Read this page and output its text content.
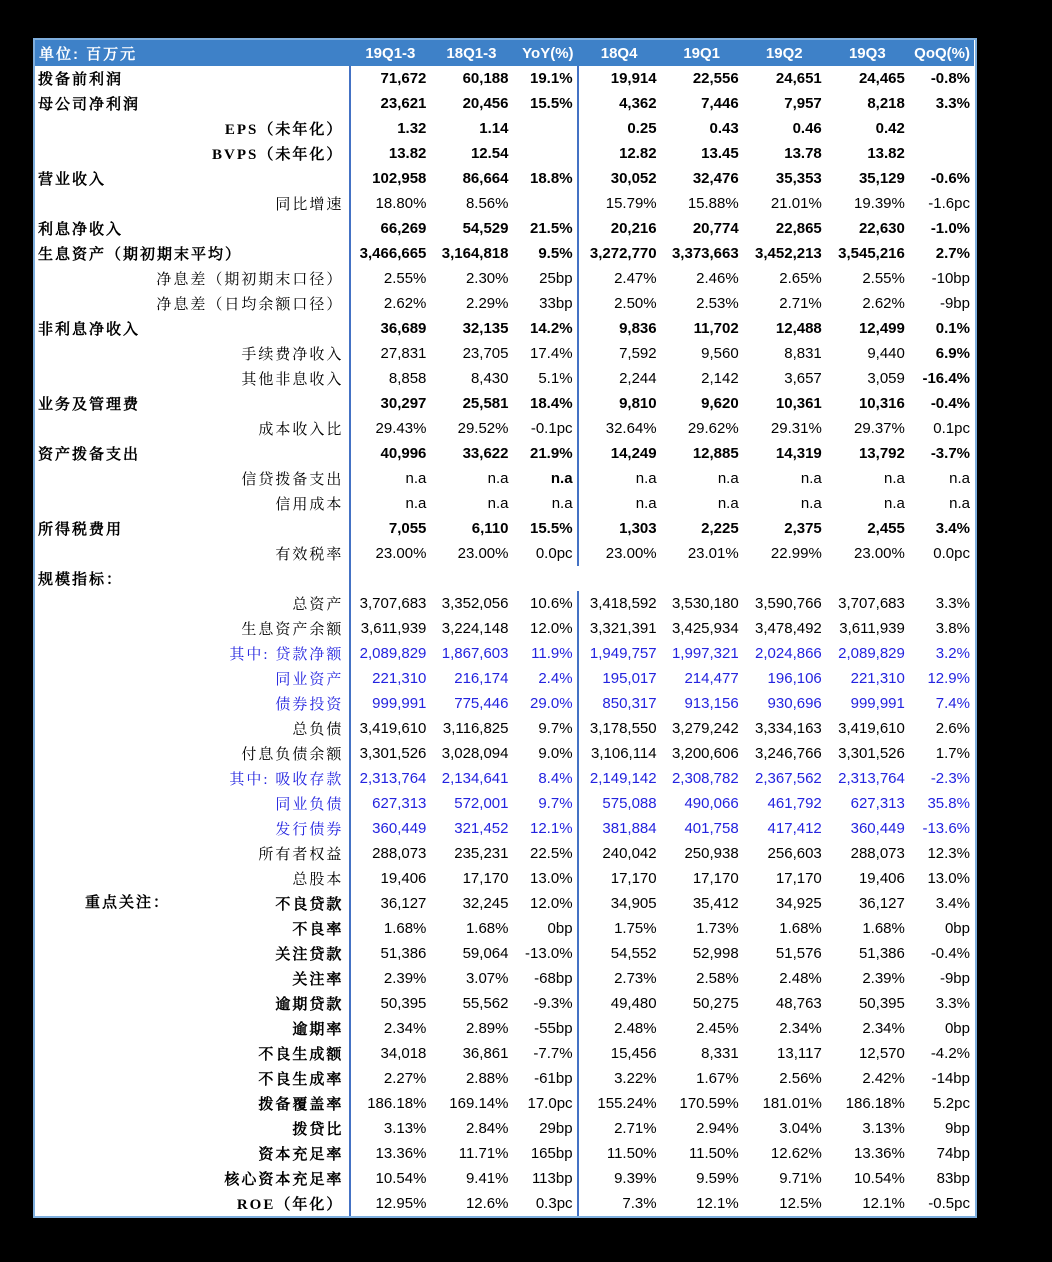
单位: 百万元	19Q1-3	18Q1-3	YoY(%)	18Q4	19Q1	19Q2	19Q3	QoQ(%)
拨备前利润	71,672	60,188	19.1%	19,914	22,556	24,651	24,465	-0.8%
母公司净利润	23,621	20,456	15.5%	4,362	7,446	7,957	8,218	3.3%
EPS（未年化）	1.32	1.14		0.25	0.43	0.46	0.42	
BVPS（未年化）	13.82	12.54		12.82	13.45	13.78	13.82	
营业收入	102,958	86,664	18.8%	30,052	32,476	35,353	35,129	-0.6%
同比增速	18.80%	8.56%		15.79%	15.88%	21.01%	19.39%	-1.6pc
利息净收入	66,269	54,529	21.5%	20,216	20,774	22,865	22,630	-1.0%
生息资产（期初期末平均）	3,466,665	3,164,818	9.5%	3,272,770	3,373,663	3,452,213	3,545,216	2.7%
净息差（期初期末口径）	2.55%	2.30%	25bp	2.47%	2.46%	2.65%	2.55%	-10bp
净息差（日均余额口径）	2.62%	2.29%	33bp	2.50%	2.53%	2.71%	2.62%	-9bp
非利息净收入	36,689	32,135	14.2%	9,836	11,702	12,488	12,499	0.1%
手续费净收入	27,831	23,705	17.4%	7,592	9,560	8,831	9,440	6.9%
其他非息收入	8,858	8,430	5.1%	2,244	2,142	3,657	3,059	-16.4%
业务及管理费	30,297	25,581	18.4%	9,810	9,620	10,361	10,316	-0.4%
成本收入比	29.43%	29.52%	-0.1pc	32.64%	29.62%	29.31%	29.37%	0.1pc
资产拨备支出	40,996	33,622	21.9%	14,249	12,885	14,319	13,792	-3.7%
信贷拨备支出	n.a	n.a	n.a	n.a	n.a	n.a	n.a	n.a
信用成本	n.a	n.a	n.a	n.a	n.a	n.a	n.a	n.a
所得税费用	7,055	6,110	15.5%	1,303	2,225	2,375	2,455	3.4%
有效税率	23.00%	23.00%	0.0pc	23.00%	23.01%	22.99%	23.00%	0.0pc
规模指标：								
总资产	3,707,683	3,352,056	10.6%	3,418,592	3,530,180	3,590,766	3,707,683	3.3%
生息资产余额	3,611,939	3,224,148	12.0%	3,321,391	3,425,934	3,478,492	3,611,939	3.8%
其中: 贷款净额	2,089,829	1,867,603	11.9%	1,949,757	1,997,321	2,024,866	2,089,829	3.2%
同业资产	221,310	216,174	2.4%	195,017	214,477	196,106	221,310	12.9%
债券投资	999,991	775,446	29.0%	850,317	913,156	930,696	999,991	7.4%
总负债	3,419,610	3,116,825	9.7%	3,178,550	3,279,242	3,334,163	3,419,610	2.6%
付息负债余额	3,301,526	3,028,094	9.0%	3,106,114	3,200,606	3,246,766	3,301,526	1.7%
其中: 吸收存款	2,313,764	2,134,641	8.4%	2,149,142	2,308,782	2,367,562	2,313,764	-2.3%
同业负债	627,313	572,001	9.7%	575,088	490,066	461,792	627,313	35.8%
发行债券	360,449	321,452	12.1%	381,884	401,758	417,412	360,449	-13.6%
所有者权益	288,073	235,231	22.5%	240,042	250,938	256,603	288,073	12.3%
总股本	19,406	17,170	13.0%	17,170	17,170	17,170	19,406	13.0%

重点关注： 不良贷款	36,127	32,245	12.0%	34,905	35,412	34,925	36,127	3.4%
不良率	1.68%	1.68%	0bp	1.75%	1.73%	1.68%	1.68%	0bp
关注贷款	51,386	59,064	-13.0%	54,552	52,998	51,576	51,386	-0.4%
关注率	2.39%	3.07%	-68bp	2.73%	2.58%	2.48%	2.39%	-9bp
逾期贷款	50,395	55,562	-9.3%	49,480	50,275	48,763	50,395	3.3%
逾期率	2.34%	2.89%	-55bp	2.48%	2.45%	2.34%	2.34%	0bp
不良生成额	34,018	36,861	-7.7%	15,456	8,331	13,117	12,570	-4.2%
不良生成率	2.27%	2.88%	-61bp	3.22%	1.67%	2.56%	2.42%	-14bp
拨备覆盖率	186.18%	169.14%	17.0pc	155.24%	170.59%	181.01%	186.18%	5.2pc
拨贷比	3.13%	2.84%	29bp	2.71%	2.94%	3.04%	3.13%	9bp
资本充足率	13.36%	11.71%	165bp	11.50%	11.50%	12.62%	13.36%	74bp
核心资本充足率	10.54%	9.41%	113bp	9.39%	9.59%	9.71%	10.54%	83bp
ROE（年化）	12.95%	12.6%	0.3pc	7.3%	12.1%	12.5%	12.1%	-0.5pc
